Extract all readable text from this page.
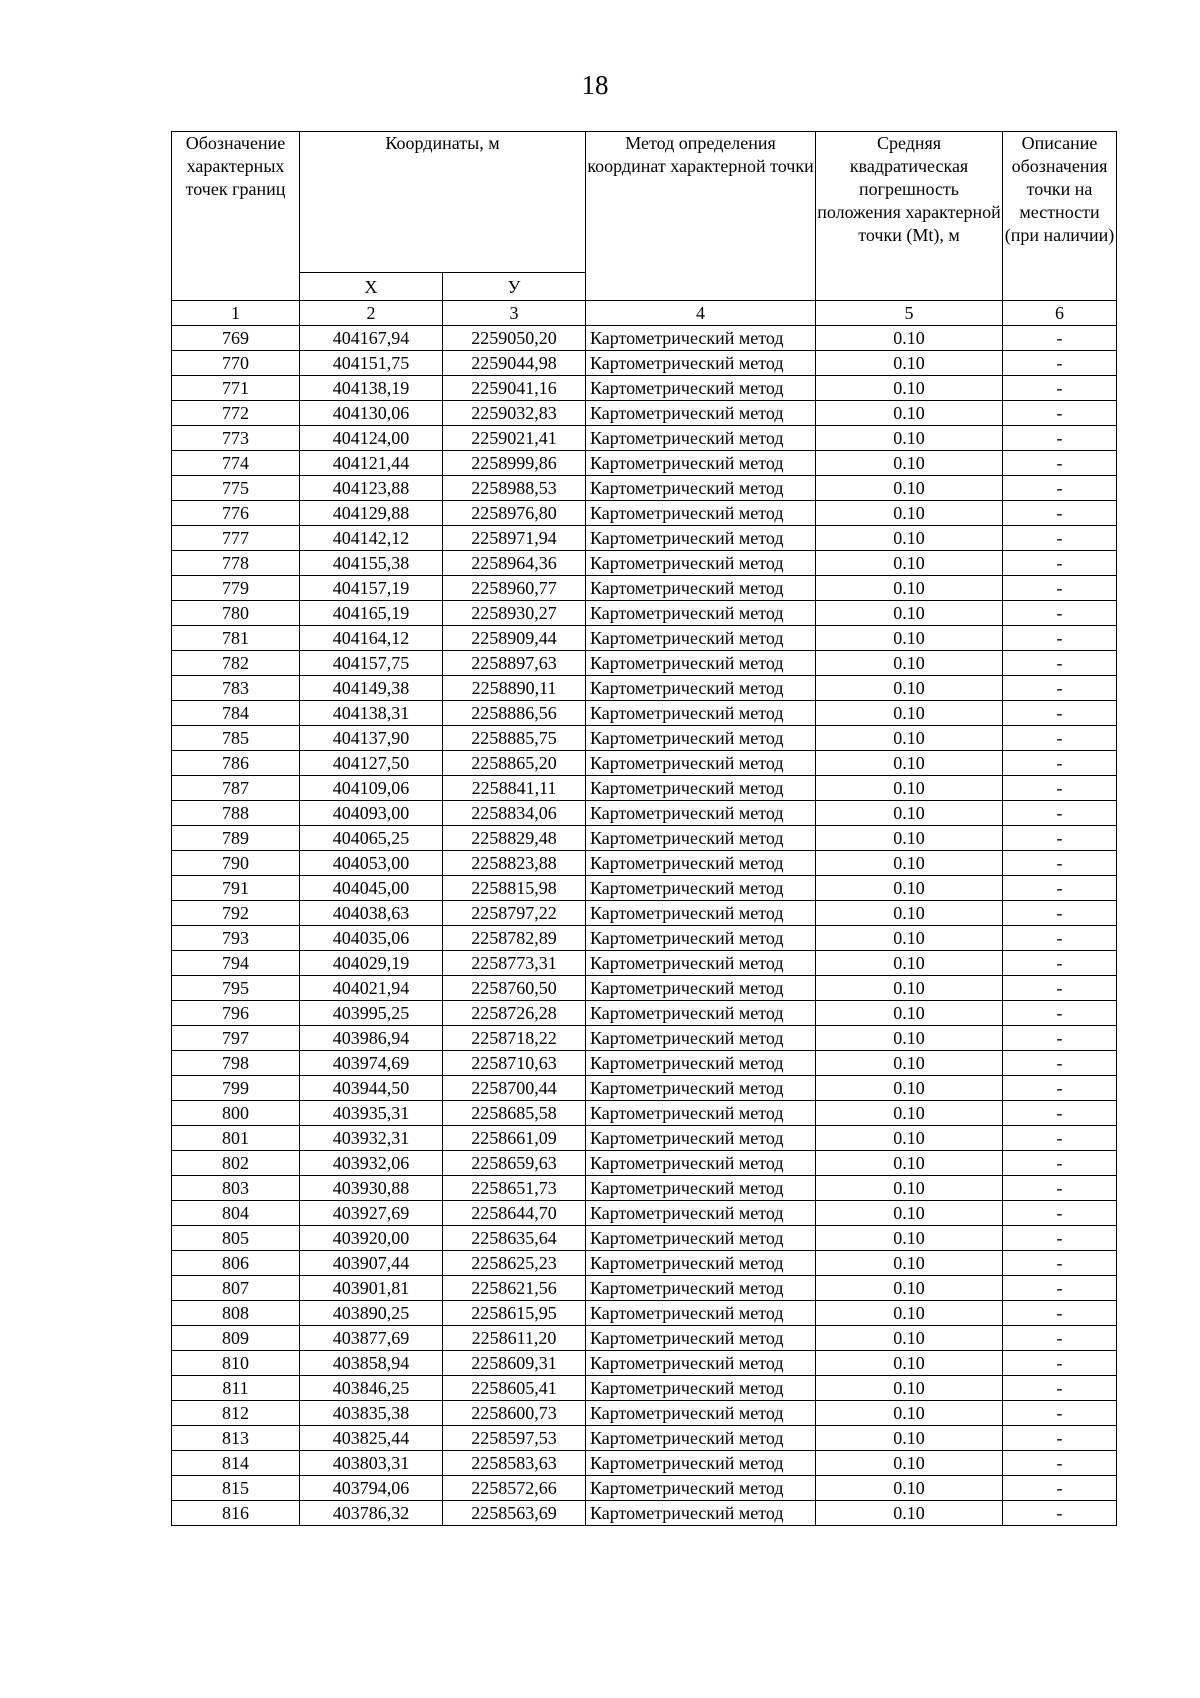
18
Обозначение характерных точек границ	Координаты, м		Метод определения координат характерной точки	Средняя квадратическая погрешность положения характерной точки (Mt), м	Описание обозначения точки на местности (при наличии)
	X	У			
1	2	3	4	5	6
769	404167,94	2259050,20	Картометрический метод	0.10	-
770	404151,75	2259044,98	Картометрический метод	0.10	-
771	404138,19	2259041,16	Картометрический метод	0.10	-
772	404130,06	2259032,83	Картометрический метод	0.10	-
773	404124,00	2259021,41	Картометрический метод	0.10	-
774	404121,44	2258999,86	Картометрический метод	0.10	-
775	404123,88	2258988,53	Картометрический метод	0.10	-
776	404129,88	2258976,80	Картометрический метод	0.10	-
777	404142,12	2258971,94	Картометрический метод	0.10	-
778	404155,38	2258964,36	Картометрический метод	0.10	-
779	404157,19	2258960,77	Картометрический метод	0.10	-
780	404165,19	2258930,27	Картометрический метод	0.10	-
781	404164,12	2258909,44	Картометрический метод	0.10	-
782	404157,75	2258897,63	Картометрический метод	0.10	-
783	404149,38	2258890,11	Картометрический метод	0.10	-
784	404138,31	2258886,56	Картометрический метод	0.10	-
785	404137,90	2258885,75	Картометрический метод	0.10	-
786	404127,50	2258865,20	Картометрический метод	0.10	-
787	404109,06	2258841,11	Картометрический метод	0.10	-
788	404093,00	2258834,06	Картометрический метод	0.10	-
789	404065,25	2258829,48	Картометрический метод	0.10	-
790	404053,00	2258823,88	Картометрический метод	0.10	-
791	404045,00	2258815,98	Картометрический метод	0.10	-
792	404038,63	2258797,22	Картометрический метод	0.10	-
793	404035,06	2258782,89	Картометрический метод	0.10	-
794	404029,19	2258773,31	Картометрический метод	0.10	-
795	404021,94	2258760,50	Картометрический метод	0.10	-
796	403995,25	2258726,28	Картометрический метод	0.10	-
797	403986,94	2258718,22	Картометрический метод	0.10	-
798	403974,69	2258710,63	Картометрический метод	0.10	-
799	403944,50	2258700,44	Картометрический метод	0.10	-
800	403935,31	2258685,58	Картометрический метод	0.10	-
801	403932,31	2258661,09	Картометрический метод	0.10	-
802	403932,06	2258659,63	Картометрический метод	0.10	-
803	403930,88	2258651,73	Картометрический метод	0.10	-
804	403927,69	2258644,70	Картометрический метод	0.10	-
805	403920,00	2258635,64	Картометрический метод	0.10	-
806	403907,44	2258625,23	Картометрический метод	0.10	-
807	403901,81	2258621,56	Картометрический метод	0.10	-
808	403890,25	2258615,95	Картометрический метод	0.10	-
809	403877,69	2258611,20	Картометрический метод	0.10	-
810	403858,94	2258609,31	Картометрический метод	0.10	-
811	403846,25	2258605,41	Картометрический метод	0.10	-
812	403835,38	2258600,73	Картометрический метод	0.10	-
813	403825,44	2258597,53	Картометрический метод	0.10	-
814	403803,31	2258583,63	Картометрический метод	0.10	-
815	403794,06	2258572,66	Картометрический метод	0.10	-
816	403786,32	2258563,69	Картометрический метод	0.10	-
